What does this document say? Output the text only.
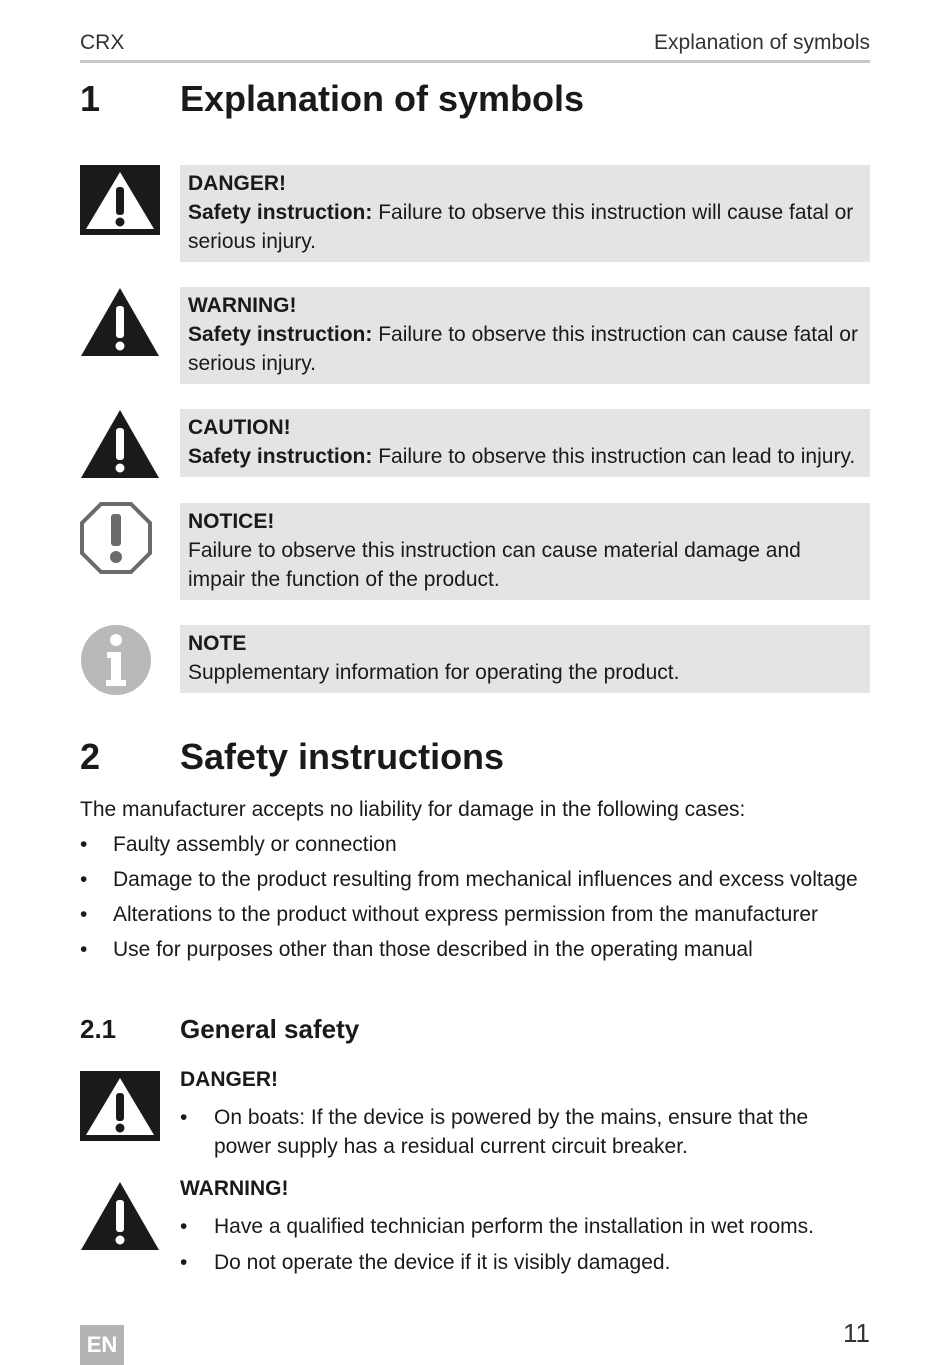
CRX	Explanation of symbols
1 Explanation of symbols
DANGER!
Safety instruction: Failure to observe this instruction will cause fatal or serious injury.
WARNING!
Safety instruction: Failure to observe this instruction can cause fatal or serious injury.
CAUTION!
Safety instruction: Failure to observe this instruction can lead to injury.
NOTICE!
Failure to observe this instruction can cause material damage and impair the function of the product.
NOTE
Supplementary information for operating the product.
2 Safety instructions
The manufacturer accepts no liability for damage in the following cases:
•	Faulty assembly or connection
•	Damage to the product resulting from mechanical influences and excess voltage
•	Alterations to the product without express permission from the manufacturer
•	Use for purposes other than those described in the operating manual
2.1 General safety
DANGER!
•	On boats: If the device is powered by the mains, ensure that the power supply has a residual current circuit breaker.
WARNING!
•	Have a qualified technician perform the installation in wet rooms.
•	Do not operate the device if it is visibly damaged.
EN	11
